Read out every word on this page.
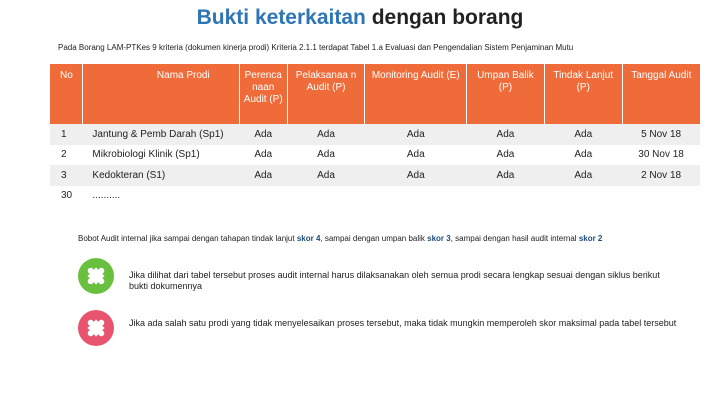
Bukti keterkaitan dengan borang
Pada Borang LAM-PTKes 9 kriteria (dokumen kinerja prodi) Kriteria 2.1.1 terdapat Tabel 1.a Evaluasi dan Pengendalian Sistem Penjaminan Mutu
No	Nama Prodi	Perenca naan Audit (P)	Pelaksanaa n Audit (P)	Monitoring Audit (E)	Umpan Balik (P)	Tindak Lanjut (P)	Tanggal Audit
1	Jantung & Pemb Darah (Sp1)	Ada	Ada	Ada	Ada	Ada	5 Nov 18
2	Mikrobiologi Klinik (Sp1)	Ada	Ada	Ada	Ada	Ada	30 Nov 18
3	Kedokteran (S1)	Ada	Ada	Ada	Ada	Ada	2 Nov 18
30	..........						
Bobot Audit internal jika sampai dengan tahapan tindak lanjut skor 4, sampai dengan umpan balik skor 3, sampai dengan hasil audit internal skor 2
Jika dilihat dari tabel tersebut proses audit internal harus dilaksanakan oleh semua prodi secara lengkap sesuai dengan siklus berikut bukti dokumennya
Jika ada salah satu prodi yang tidak menyelesaikan proses tersebut, maka tidak mungkin memperoleh skor maksimal pada tabel tersebut
